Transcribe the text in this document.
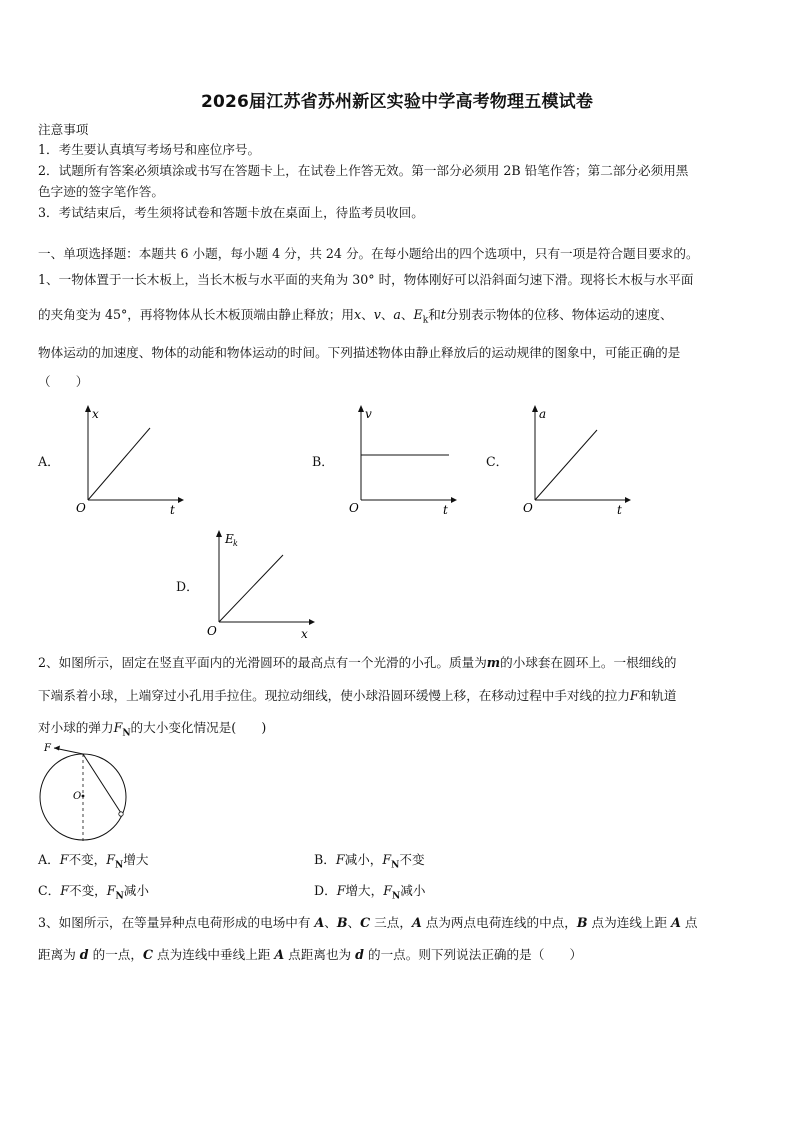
2026届江苏省苏州新区实验中学高考物理五模试卷
注意事项
1．考生要认真填写考场号和座位序号。
2．试题所有答案必须填涂或书写在答题卡上，在试卷上作答无效。第一部分必须用 2B 铅笔作答；第二部分必须用黑
色字迹的签字笔作答。
3．考试结束后，考生须将试卷和答题卡放在桌面上，待监考员收回。
一、单项选择题：本题共 6 小题，每小题 4 分，共 24 分。在每小题给出的四个选项中，只有一项是符合题目要求的。
1、一物体置于一长木板上，当长木板与水平面的夹角为 30° 时，物体刚好可以沿斜面匀速下滑。现将长木板与水平面
的夹角变为 45°，再将物体从长木板顶端由静止释放；用x、v、a、$E_k$和t分别表示物体的位移、物体运动的速度、
物体运动的加速度、物体的动能和物体运动的时间。下列描述物体由静止释放后的运动规律的图象中，可能正确的是
（　　）
A．
x
t
O
B．
v
t
O
C．
a
t
O
D．
E k
x
O
2、如图所示，固定在竖直平面内的光滑圆环的最高点有一个光滑的小孔。质量为m的小球套在圆环上。一根细线的
下端系着小球，上端穿过小孔用手拉住。现拉动细线，使小球沿圆环缓慢上移，在移动过程中手对线的拉力F和轨道
对小球的弹力$F_N$的大小变化情况是(　　)
F
O
A．F不变，$F_N$增大	B．F减小，$F_N$不变
C．F不变，$F_N$减小	D．F增大，$F_N$减小
3、如图所示，在等量异种点电荷形成的电场中有 A、B、C 三点，A 点为两点电荷连线的中点，B 点为连线上距 A 点
距离为 d 的一点，C 点为连线中垂线上距 A 点距离也为 d 的一点。则下列说法正确的是（　　）
